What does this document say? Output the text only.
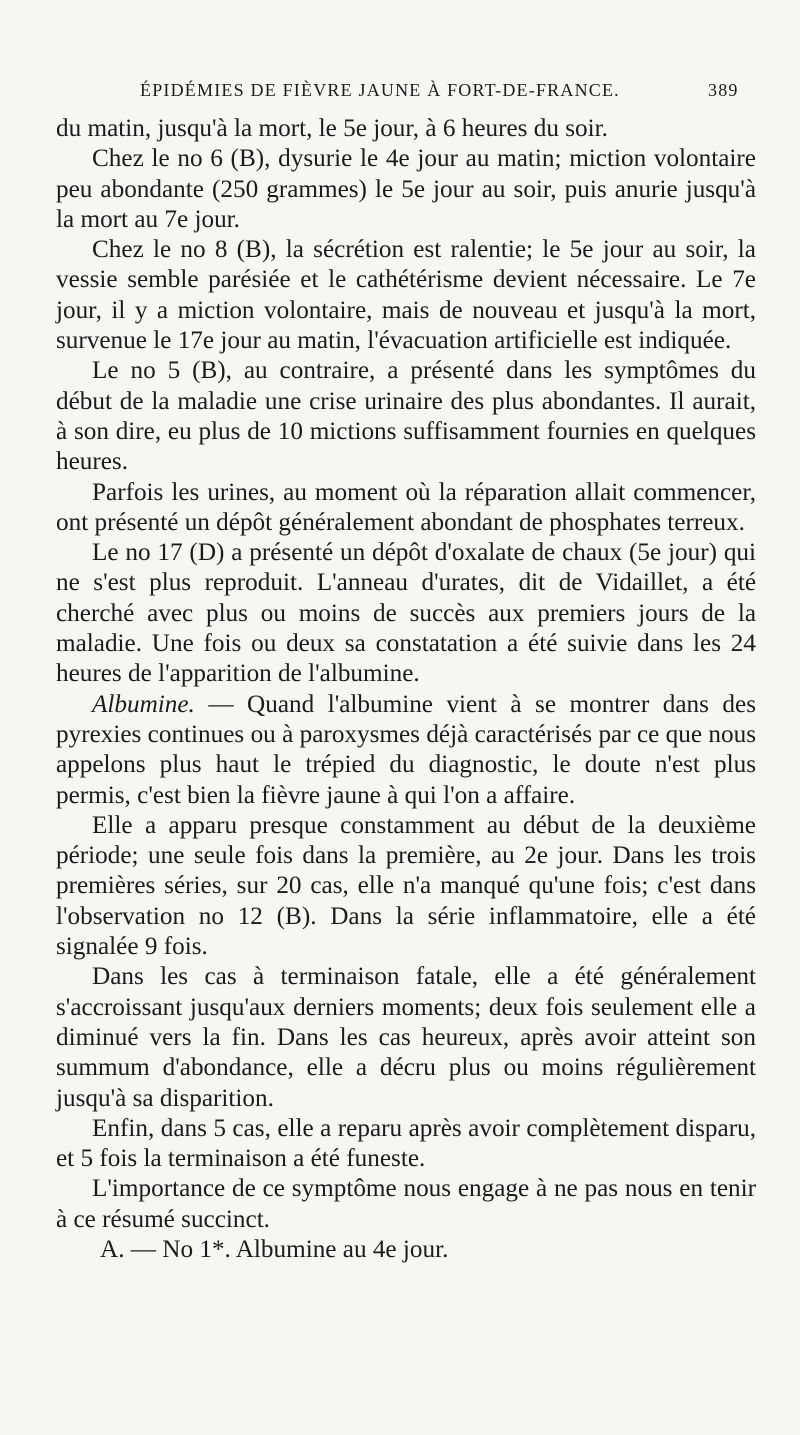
ÉPIDÉMIES DE FIÈVRE JAUNE À FORT-DE-FRANCE.	389

du matin, jusqu'à la mort, le 5e jour, à 6 heures du soir.

Chez le no 6 (B), dysurie le 4e jour au matin; miction volontaire peu abondante (250 grammes) le 5e jour au soir, puis anurie jusqu'à la mort au 7e jour.

Chez le no 8 (B), la sécrétion est ralentie; le 5e jour au soir, la vessie semble parésiée et le cathétérisme devient nécessaire. Le 7e jour, il y a miction volontaire, mais de nouveau et jusqu'à la mort, survenue le 17e jour au matin, l'évacuation artificielle est indiquée.

Le no 5 (B), au contraire, a présenté dans les symptômes du début de la maladie une crise urinaire des plus abondantes. Il aurait, à son dire, eu plus de 10 mictions suffisamment fournies en quelques heures.

Parfois les urines, au moment où la réparation allait commencer, ont présenté un dépôt généralement abondant de phosphates terreux.

Le no 17 (D) a présenté un dépôt d'oxalate de chaux (5e jour) qui ne s'est plus reproduit. L'anneau d'urates, dit de Vidaillet, a été cherché avec plus ou moins de succès aux premiers jours de la maladie. Une fois ou deux sa constatation a été suivie dans les 24 heures de l'apparition de l'albumine.

Albumine. — Quand l'albumine vient à se montrer dans des pyrexies continues ou à paroxysmes déjà caractérisés par ce que nous appelons plus haut le trépied du diagnostic, le doute n'est plus permis, c'est bien la fièvre jaune à qui l'on a affaire.

Elle a apparu presque constamment au début de la deuxième période; une seule fois dans la première, au 2e jour. Dans les trois premières séries, sur 20 cas, elle n'a manqué qu'une fois; c'est dans l'observation no 12 (B). Dans la série inflammatoire, elle a été signalée 9 fois.

Dans les cas à terminaison fatale, elle a été généralement s'accroissant jusqu'aux derniers moments; deux fois seulement elle a diminué vers la fin. Dans les cas heureux, après avoir atteint son summum d'abondance, elle a décru plus ou moins régulièrement jusqu'à sa disparition.

Enfin, dans 5 cas, elle a reparu après avoir complètement disparu, et 5 fois la terminaison a été funeste.

L'importance de ce symptôme nous engage à ne pas nous en tenir à ce résumé succinct.

A. — No 1*. Albumine au 4e jour.
